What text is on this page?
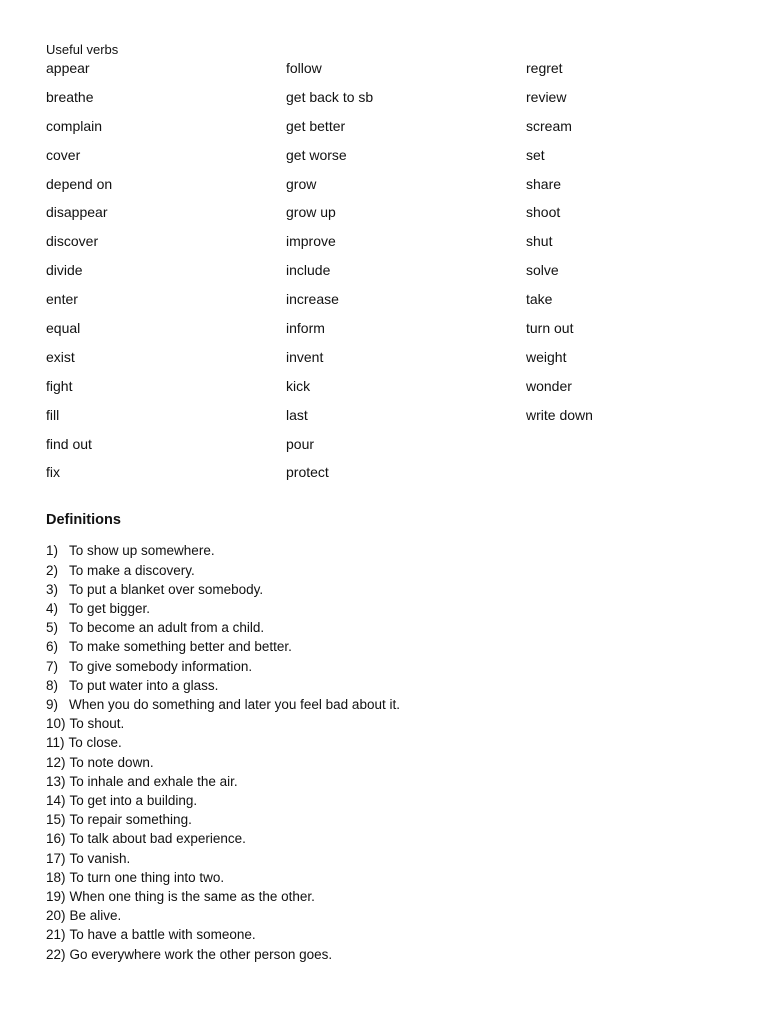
Useful verbs

appear
breathe
complain
cover
depend on
disappear
discover
divide
enter
equal
exist
fight
fill
find out
fix
follow
get back to sb
get better
get worse
grow
grow up
improve
include
increase
inform
invent
kick
last
pour
protect
regret
review
scream
set
share
shoot
shut
solve
take
turn out
weight
wonder
write down
Definitions
1) To show up somewhere.
2) To make a discovery.
3) To put a blanket over somebody.
4) To get bigger.
5) To become an adult from a child.
6) To make something better and better.
7) To give somebody information.
8) To put water into a glass.
9) When you do something and later you feel bad about it.
10) To shout.
11) To close.
12) To note down.
13) To inhale and exhale the air.
14) To get into a building.
15) To repair something.
16) To talk about bad experience.
17) To vanish.
18) To turn one thing into two.
19) When one thing is the same as the other.
20) Be alive.
21) To have a battle with someone.
22) Go everywhere work the other person goes.
